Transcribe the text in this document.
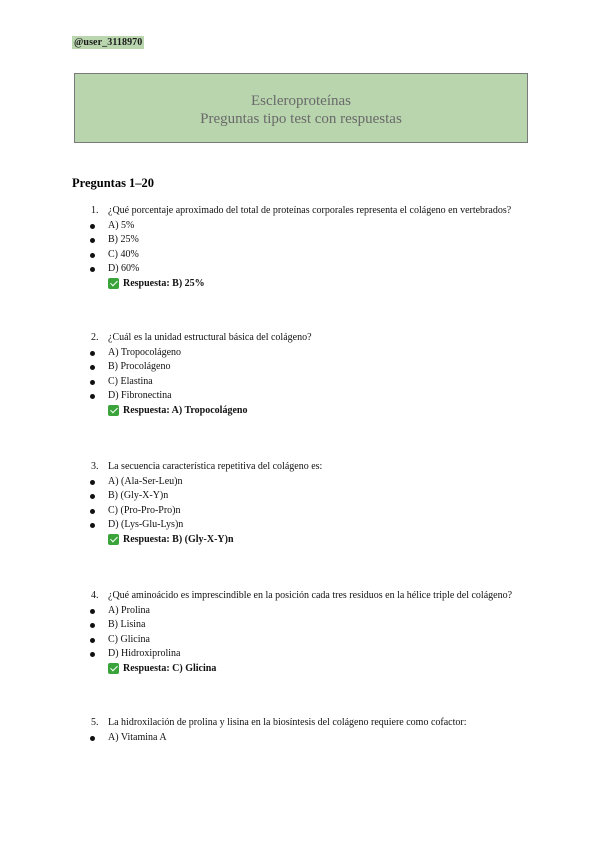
@user_3118970
Escleroproteínas
Preguntas tipo test con respuestas
Preguntas 1–20
1. ¿Qué porcentaje aproximado del total de proteínas corporales representa el colágeno en vertebrados?
A) 5%
B) 25%
C) 40%
D) 60%
Respuesta: B) 25%
2. ¿Cuál es la unidad estructural básica del colágeno?
A) Tropocolágeno
B) Procolágeno
C) Elastina
D) Fibronectina
Respuesta: A) Tropocolágeno
3. La secuencia característica repetitiva del colágeno es:
A) (Ala-Ser-Leu)n
B) (Gly-X-Y)n
C) (Pro-Pro-Pro)n
D) (Lys-Glu-Lys)n
Respuesta: B) (Gly-X-Y)n
4. ¿Qué aminoácido es imprescindible en la posición cada tres residuos en la hélice triple del colágeno?
A) Prolina
B) Lisina
C) Glicina
D) Hidroxiprolina
Respuesta: C) Glicina
5. La hidroxilación de prolina y lisina en la biosíntesis del colágeno requiere como cofactor:
A) Vitamina A
